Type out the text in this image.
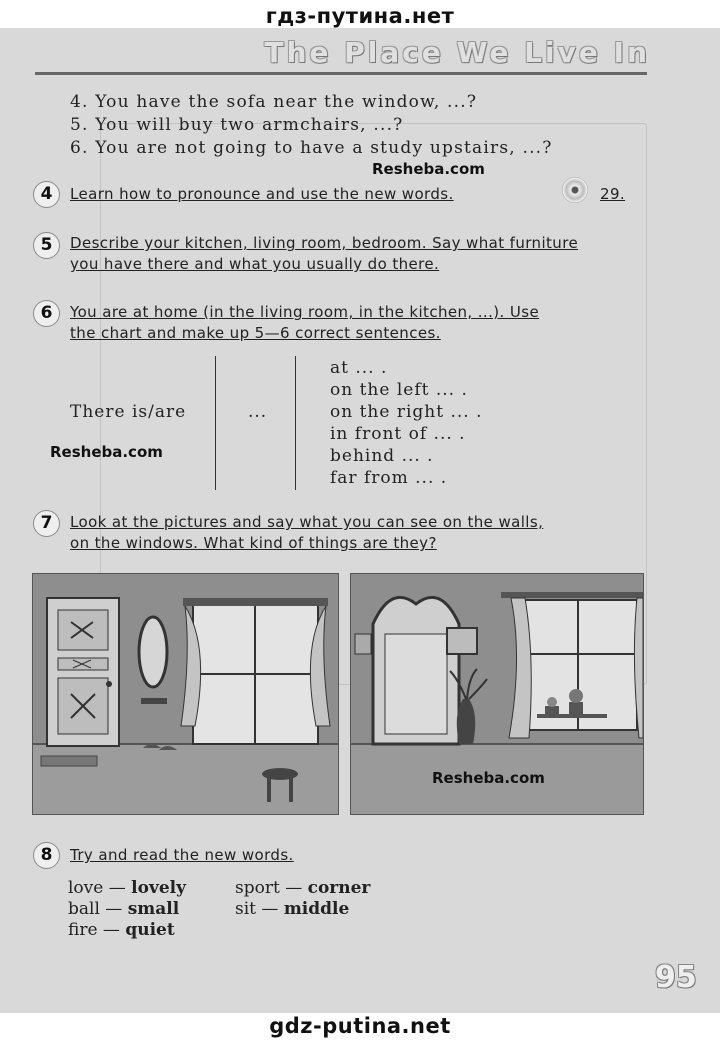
гдз-путина.нет
The Place We Live In
4. You have the sofa near the window, ...?
5. You will buy two armchairs, ...?
6. You are not going to have a study upstairs, ...?
Resheba.com
4	Learn how to pronounce and use the new words.	29.
5	Describe your kitchen, living room, bedroom. Say what furniture
you have there and what you usually do there.
6	You are at home (in the living room, in the kitchen, ...). Use
the chart and make up 5—6 correct sentences.
There is/are	...
at ... .
on the left ... .
on the right ... .
in front of ... .
behind ... .
far from ... .
Resheba.com
7	Look at the pictures and say what you can see on the walls,
on the windows. What kind of things are they?
Resheba.com
8	Try and read the new words.
love — lovely
ball — small
fire — quiet
sport — corner
sit — middle
95
gdz-putina.net
